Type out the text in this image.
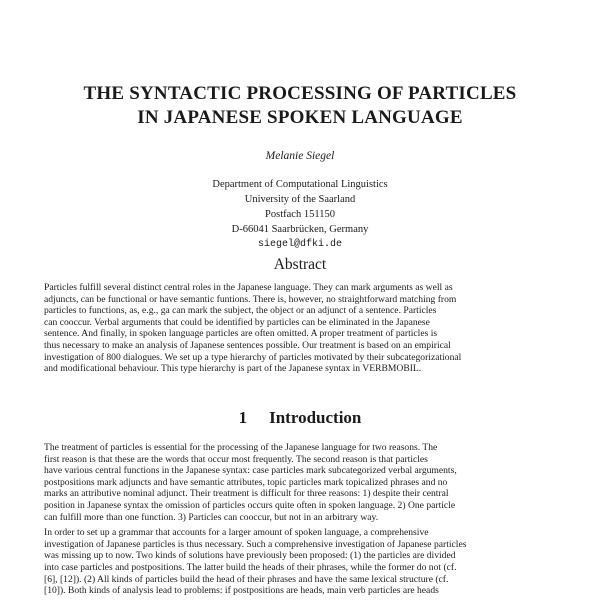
THE SYNTACTIC PROCESSING OF PARTICLES
IN JAPANESE SPOKEN LANGUAGE
Melanie Siegel
Department of Computational Linguistics
University of the Saarland
Postfach 151150
D-66041 Saarbrücken, Germany
siegel@dfki.de
Abstract
Particles fulfill several distinct central roles in the Japanese language. They can mark arguments as well as
adjuncts, can be functional or have semantic funtions. There is, however, no straightforward matching from
particles to functions, as, e.g., ga can mark the subject, the object or an adjunct of a sentence. Particles
can cooccur. Verbal arguments that could be identified by particles can be eliminated in the Japanese
sentence. And finally, in spoken language particles are often omitted. A proper treatment of particles is
thus necessary to make an analysis of Japanese sentences possible. Our treatment is based on an empirical
investigation of 800 dialogues. We set up a type hierarchy of particles motivated by their subcategorizational
and modificational behaviour. This type hierarchy is part of the Japanese syntax in VERBMOBIL.
1 Introduction
The treatment of particles is essential for the processing of the Japanese language for two reasons. The
first reason is that these are the words that occur most frequently. The second reason is that particles
have various central functions in the Japanese syntax: case particles mark subcategorized verbal arguments,
postpositions mark adjuncts and have semantic attributes, topic particles mark topicalized phrases and no
marks an attributive nominal adjunct. Their treatment is difficult for three reasons: 1) despite their central
position in Japanese syntax the omission of particles occurs quite often in spoken language. 2) One particle
can fulfill more than one function. 3) Particles can cooccur, but not in an arbitrary way.
In order to set up a grammar that accounts for a larger amount of spoken language, a comprehensive
investigation of Japanese particles is thus necessary. Such a comprehensive investigation of Japanese particles
was missing up to now. Two kinds of solutions have previously been proposed: (1) the particles are divided
into case particles and postpositions. The latter build the heads of their phrases, while the former do not (cf.
[6], [12]). (2) All kinds of particles build the head of their phrases and have the same lexical structure (cf.
[10]). Both kinds of analysis lead to problems: if postpositions are heads, main verb particles are heads
